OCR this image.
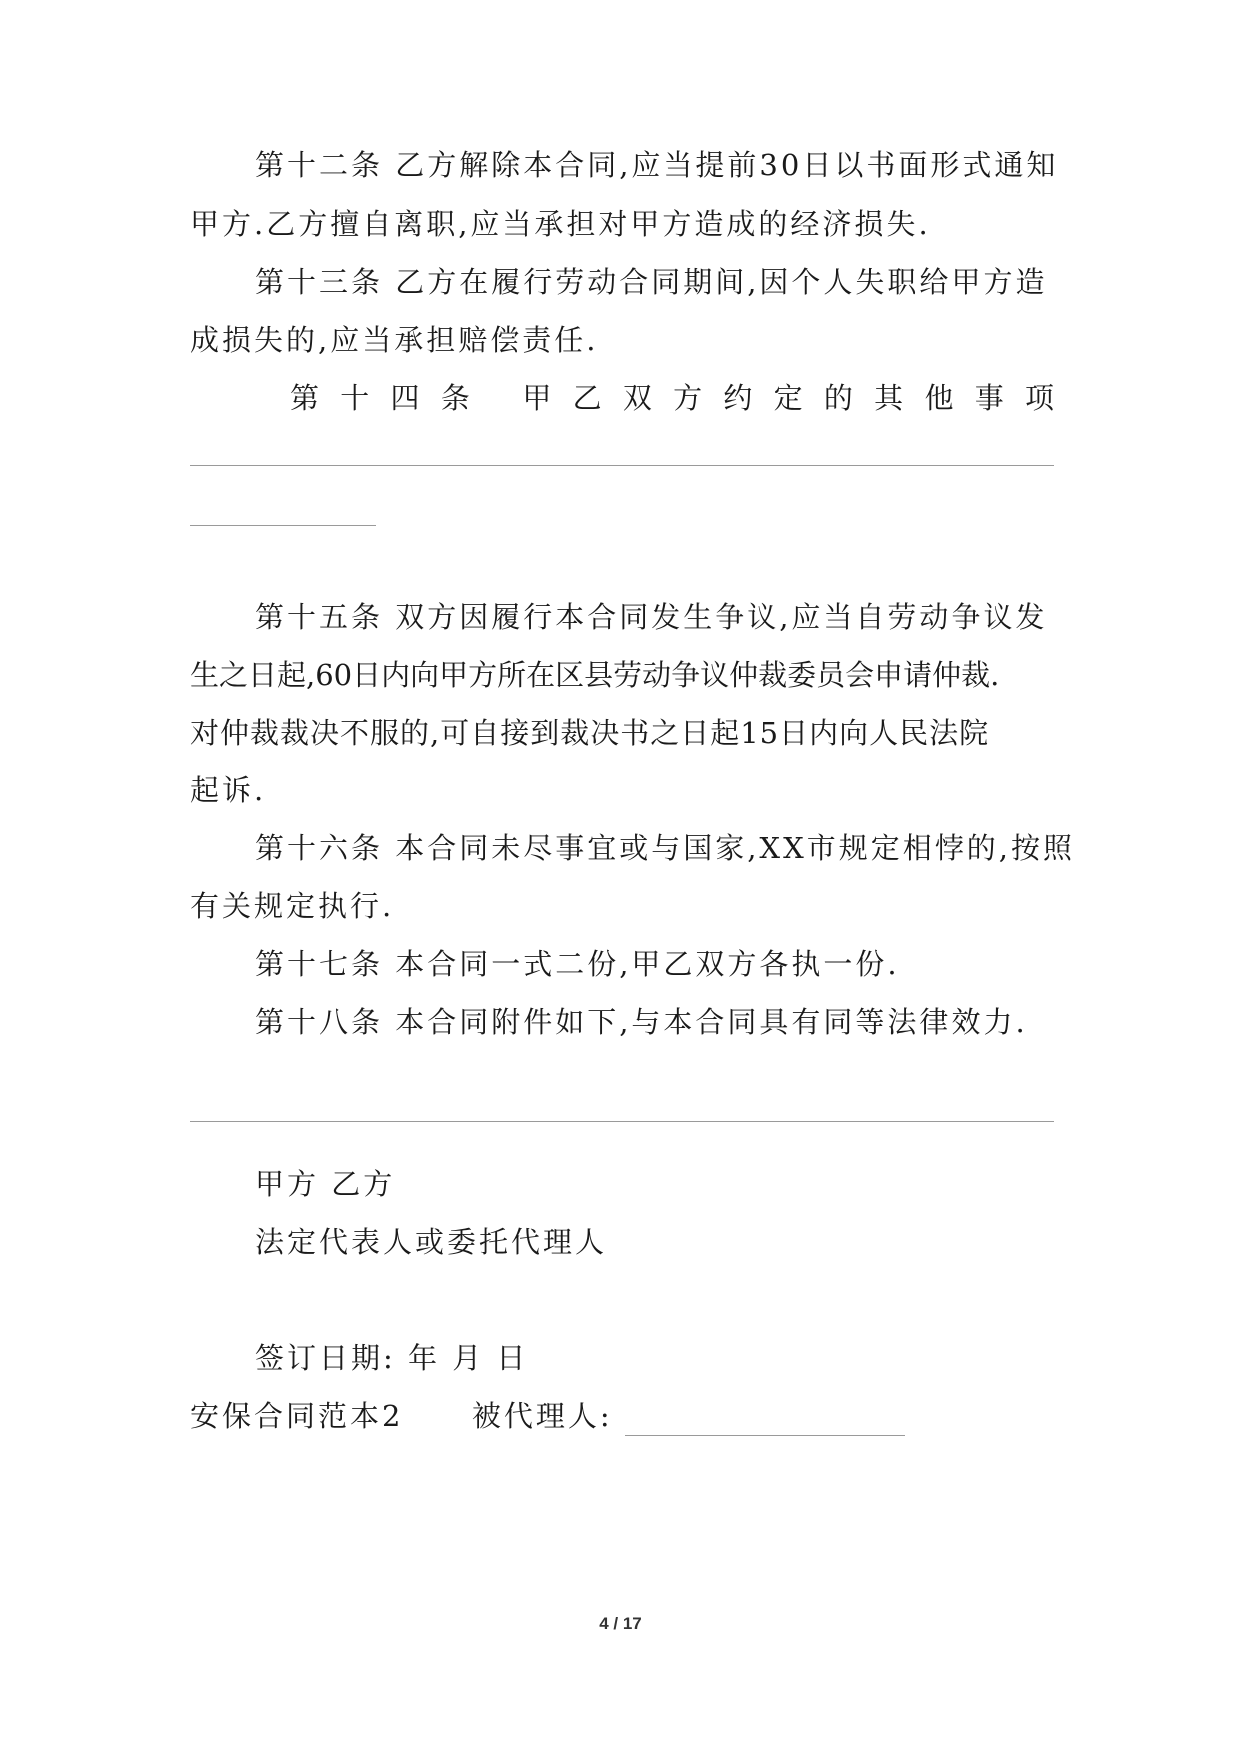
第十二条 乙方解除本合同,应当提前30日以书面形式通知
甲方.乙方擅自离职,应当承担对甲方造成的经济损失.
第十三条 乙方在履行劳动合同期间,因个人失职给甲方造
成损失的,应当承担赔偿责任.
第 十 四 条 甲 乙 双 方 约 定 的 其 他 事 项
第十五条 双方因履行本合同发生争议,应当自劳动争议发
生之日起,60日内向甲方所在区县劳动争议仲裁委员会申请仲裁.
对仲裁裁决不服的,可自接到裁决书之日起15日内向人民法院
起诉.
第十六条 本合同未尽事宜或与国家,XX市规定相悖的,按照
有关规定执行.
第十七条 本合同一式二份,甲乙双方各执一份.
第十八条 本合同附件如下,与本合同具有同等法律效力.
甲方 乙方
法定代表人或委托代理人
签订日期: 年 月 日
安保合同范本2 被代理人:
4 / 17
